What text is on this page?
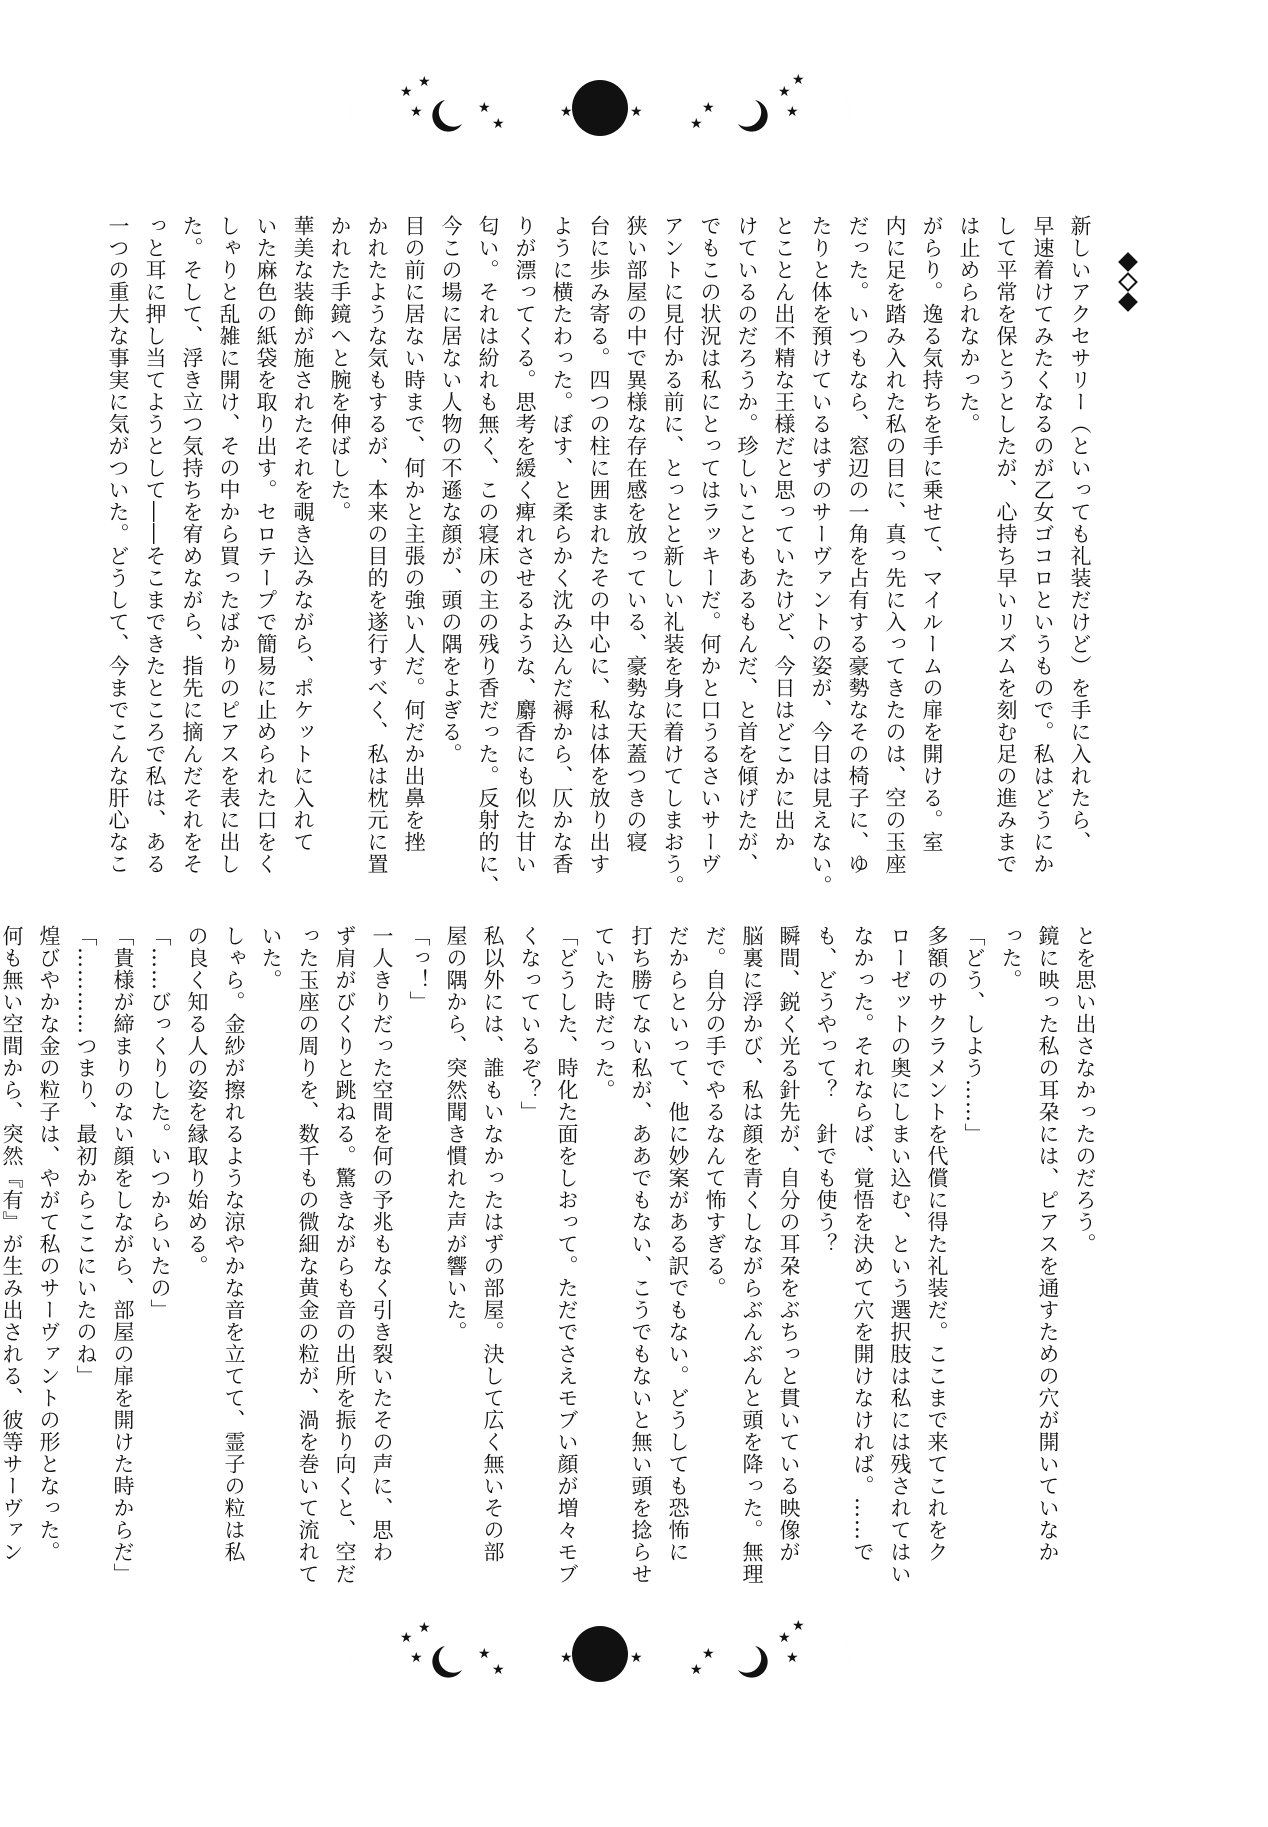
★
★
★	★
★
★	★	★
★
★
★
★

新しいアクセサリー（といっても礼装だけど）を手に入れたら、
早速着けてみたくなるのが乙女ゴコロというもので。私はどうにか
して平常を保とうとしたが、心持ち早いリズムを刻む足の進みまで
は止められなかった。

がらり。逸る気持ちを手に乗せて、マイルームの扉を開ける。室
内に足を踏み入れた私の目に、真っ先に入ってきたのは、空の玉座
だった。いつもなら、窓辺の一角を占有する豪勢なその椅子に、ゆ
たりと体を預けているはずのサーヴァントの姿が、今日は見えない。

とことん出不精な王様だと思っていたけど、今日はどこかに出か
けているのだろうか。珍しいこともあるもんだ、と首を傾げたが、
でもこの状況は私にとってはラッキーだ。何かと口うるさいサーヴ
アントに見付かる前に、とっとと新しい礼装を身に着けてしまおう。

狭い部屋の中で異様な存在感を放っている、豪勢な天蓋つきの寝
台に歩み寄る。四つの柱に囲まれたその中心に、私は体を放り出す
ように横たわった。ぼす、と柔らかく沈み込んだ褥から、仄かな香
りが漂ってくる。思考を緩く痺れさせるような、麝香にも似た甘い
匂い。それは紛れも無く、この寝床の主の残り香だった。反射的に、
今この場に居ない人物の不遜な顔が、頭の隅をよぎる。

目の前に居ない時まで、何かと主張の強い人だ。何だか出鼻を挫
かれたような気もするが、本来の目的を遂行すべく、私は枕元に置
かれた手鏡へと腕を伸ばした。

華美な装飾が施されたそれを覗き込みながら、ポケットに入れて
いた麻色の紙袋を取り出す。セロテープで簡易に止められた口をく
しゃりと乱雑に開け、その中から買ったばかりのピアスを表に出し
た。そして、浮き立つ気持ちを宥めながら、指先に摘んだそれをそ
っと耳に押し当てようとして――そこまできたところで私は、ある
一つの重大な事実に気がついた。どうして、今までこんな肝心なこ

とを思い出さなかったのだろう。

鏡に映った私の耳朶には、ピアスを通すための穴が開いていなか
った。

「どう、しよう……」

多額のサクラメントを代償に得た礼装だ。ここまで来てこれをク
ローゼットの奥にしまい込む、という選択肢は私には残されてはい
なかった。それならば、覚悟を決めて穴を開けなければ。……で
も、どうやって？　針でも使う？

瞬間、鋭く光る針先が、自分の耳朶をぶちっと貫いている映像が
脳裏に浮かび、私は顔を青くしながらぶんぶんと頭を降った。無理
だ。自分の手でやるなんて怖すぎる。

だからといって、他に妙案がある訳でもない。どうしても恐怖に
打ち勝てない私が、ああでもない、こうでもないと無い頭を捻らせ
ていた時だった。

「どうした、時化た面をしおって。ただでさえモブい顔が増々モブ
くなっているぞ？」

私以外には、誰もいなかったはずの部屋。決して広く無いその部
屋の隅から、突然聞き慣れた声が響いた。

「っ！」

一人きりだった空間を何の予兆もなく引き裂いたその声に、思わ
ず肩がびくりと跳ねる。驚きながらも音の出所を振り向くと、空だ
った玉座の周りを、数千もの微細な黄金の粒が、渦を巻いて流れて
いた。

しゃら。金紗が擦れるような涼やかな音を立てて、霊子の粒は私
の良く知る人の姿を縁取り始める。

「……びっくりした。いつからいたの」

「貴様が締まりのない顔をしながら、部屋の扉を開けた時からだ」

「…………つまり、最初からここにいたのね」

煌びやかな金の粒子は、やがて私のサーヴァントの形となった。
何も無い空間から、突然『有』が生み出される、彼等サーヴァン

★
★
★	★
★
★	★	★
★
★
★
★
